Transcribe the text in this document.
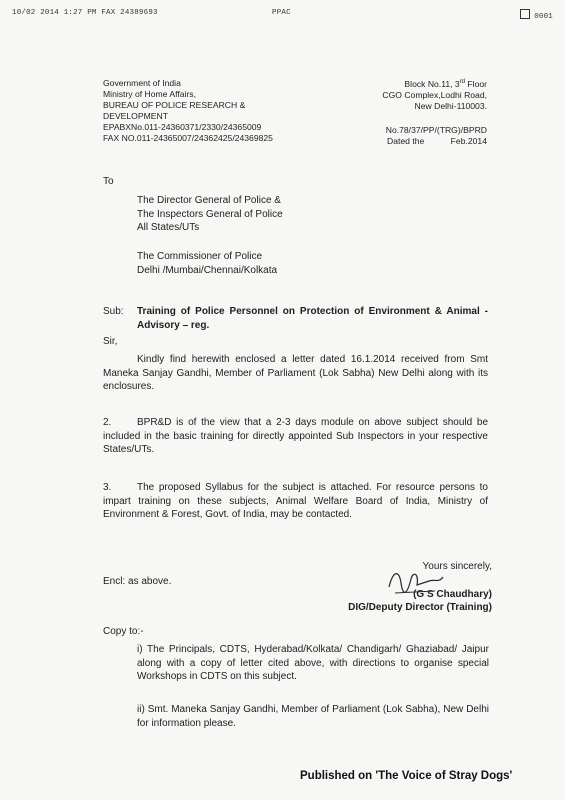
10/02 2014 1:27 PM FAX 24389693	PPAC	0001
Government of India
Ministry of Home Affairs,
BUREAU OF POLICE RESEARCH &
DEVELOPMENT
EPABXNo.011-24360371/2330/24365009
FAX NO.011-24365007/24362425/24369825
Block No.11, 3rd Floor
CGO Complex,Lodhi Road,
New Delhi-110003.
No.78/37/PP/(TRG)/BPRD
Dated the	Feb.2014
To
The Director General of Police &
The Inspectors General of Police
All States/UTs
The Commissioner of Police
Delhi /Mumbai/Chennai/Kolkata
Sub: Training of Police Personnel on Protection of Environment & Animal - Advisory – reg.
Sir,
Kindly find herewith enclosed a letter dated 16.1.2014 received from Smt Maneka Sanjay Gandhi, Member of Parliament (Lok Sabha) New Delhi along with its enclosures.
2.	BPR&D is of the view that a 2-3 days module on above subject should be included in the basic training for directly appointed Sub Inspectors in your respective States/UTs.
3.	The proposed Syllabus for the subject is attached. For resource persons to impart training on these subjects, Animal Welfare Board of India, Ministry of Environment & Forest, Govt. of India, may be contacted.
Yours sincerely,
(G S Chaudhary)
DIG/Deputy Director (Training)
Encl: as above.
Copy to:-
i) The Principals, CDTS, Hyderabad/Kolkata/ Chandigarh/ Ghaziabad/ Jaipur along with a copy of letter cited above, with directions to organise special Workshops in CDTS on this subject.
ii) Smt. Maneka Sanjay Gandhi, Member of Parliament (Lok Sabha), New Delhi for information please.
Published on 'The Voice of Stray Dogs'
